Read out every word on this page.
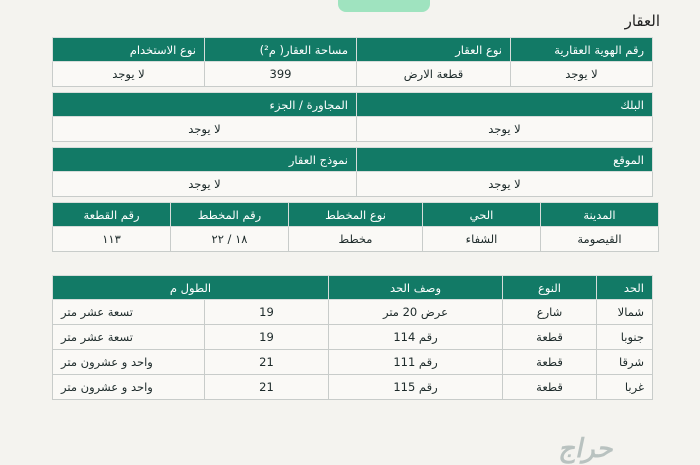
العقار
رقم الهوية العقارية	نوع العقار	مساحة العقار( م²)	نوع الاستخدام
لا يوجد	قطعة الارض	399	لا يوجد
البلك	المجاورة / الجزء
لا يوجد	لا يوجد
الموقع	نموذج العقار
لا يوجد	لا يوجد
المدينة	الحي	نوع المخطط	رقم المخطط	رقم القطعة
القيصومة	الشفاء	مخطط	١٨ / ٢٢	١١٣
الحد	النوع	وصف الحد	الطول م	
شمالا	شارع	عرض 20 متر	19	تسعة عشر متر
جنوبا	قطعة	رقم 114	19	تسعة عشر متر
شرقا	قطعة	رقم 111	21	واحد و عشرون متر
غربا	قطعة	رقم 115	21	واحد و عشرون متر
حراج
